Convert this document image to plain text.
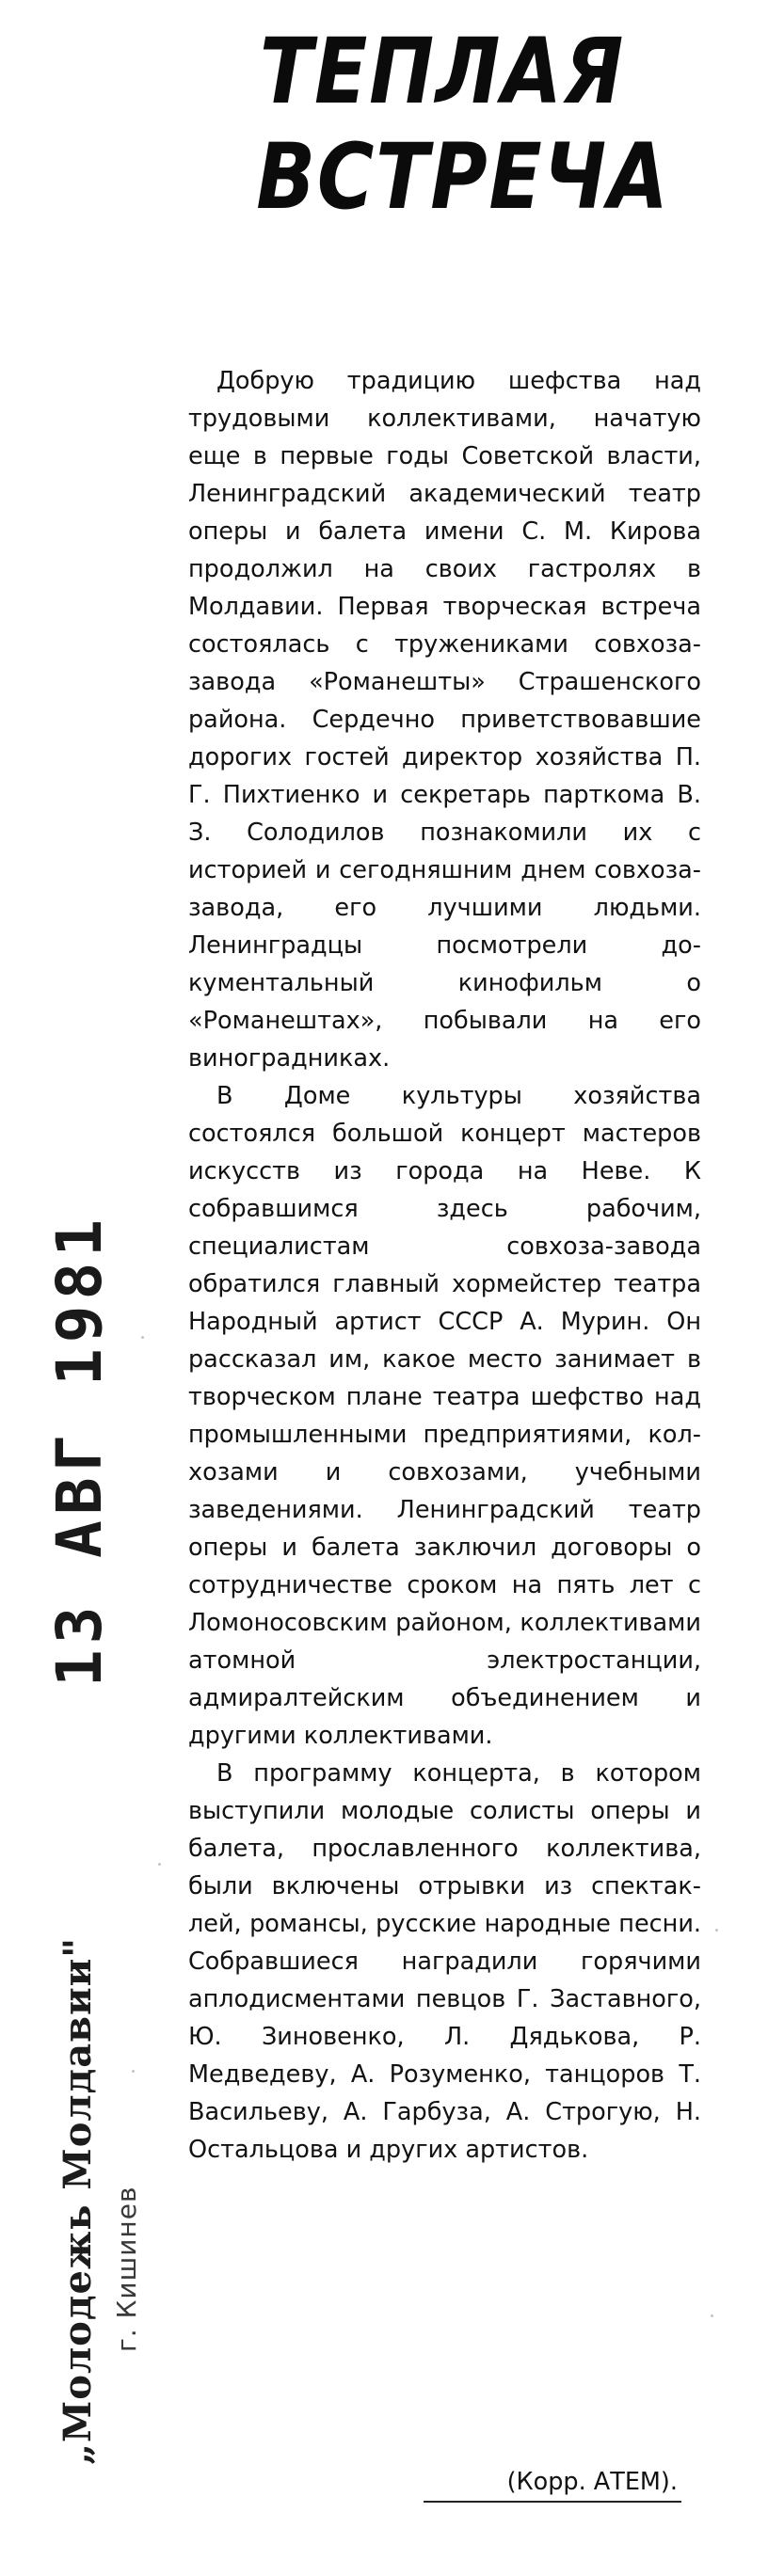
ТЕПЛАЯ
ВСТРЕЧА

Добрую традицию шефства над трудовыми коллективами, начатую еще в первые годы Советской власти, Ленинградский академический театр оперы и балета имени С. М. Кирова продолжил на своих гастролях в Молдавии. Первая творческая встреча состоялась с тружениками совхоза-завода «Романешты» Страшенского района. Сердечно приветствовавшие дорогих гостей директор хозяйства П. Г. Пихтиенко и секретарь парткома В. З. Солодилов познакомили их с историей и сегодняшним днем совхоза-завода, его лучшими людьми. Ленинградцы посмотрели документальный кинофильм о «Романештах», побывали на его виноградниках.

В Доме культуры хозяйства состоялся большой концерт мастеров искусств из города на Неве. К собравшимся здесь рабочим, специалистам совхоза-завода обратился главный хормейстер театра Народный артист СССР А. Мурин. Он рассказал им, какое место занимает в творческом плане театра шефство над промышленными предприятиями, колхозами и совхозами, учебными заведениями. Ленинградский театр оперы и балета заключил договоры о сотрудничестве сроком на пять лет с Ломоносовским районом, коллективами атомной электростанции, адмиралтейским объединением и другими коллективами.

В программу концерта, в котором выступили молодые солисты оперы и балета, прославленного коллектива, были включены отрывки из спектаклей, романсы, русские народные песни. Собравшиеся наградили горячими аплодисментами певцов Г. Заставного, Ю. Зиновенко, Л. Дядькова, Р. Медведеву, А. Розуменко, танцоров Т. Васильеву, А. Гарбуза, А. Строгую, Н. Остальцова и других артистов.

(Корр. АТЕМ).
13 АВГ 1981
„Молодежь Молдавии" г. Кишинев
